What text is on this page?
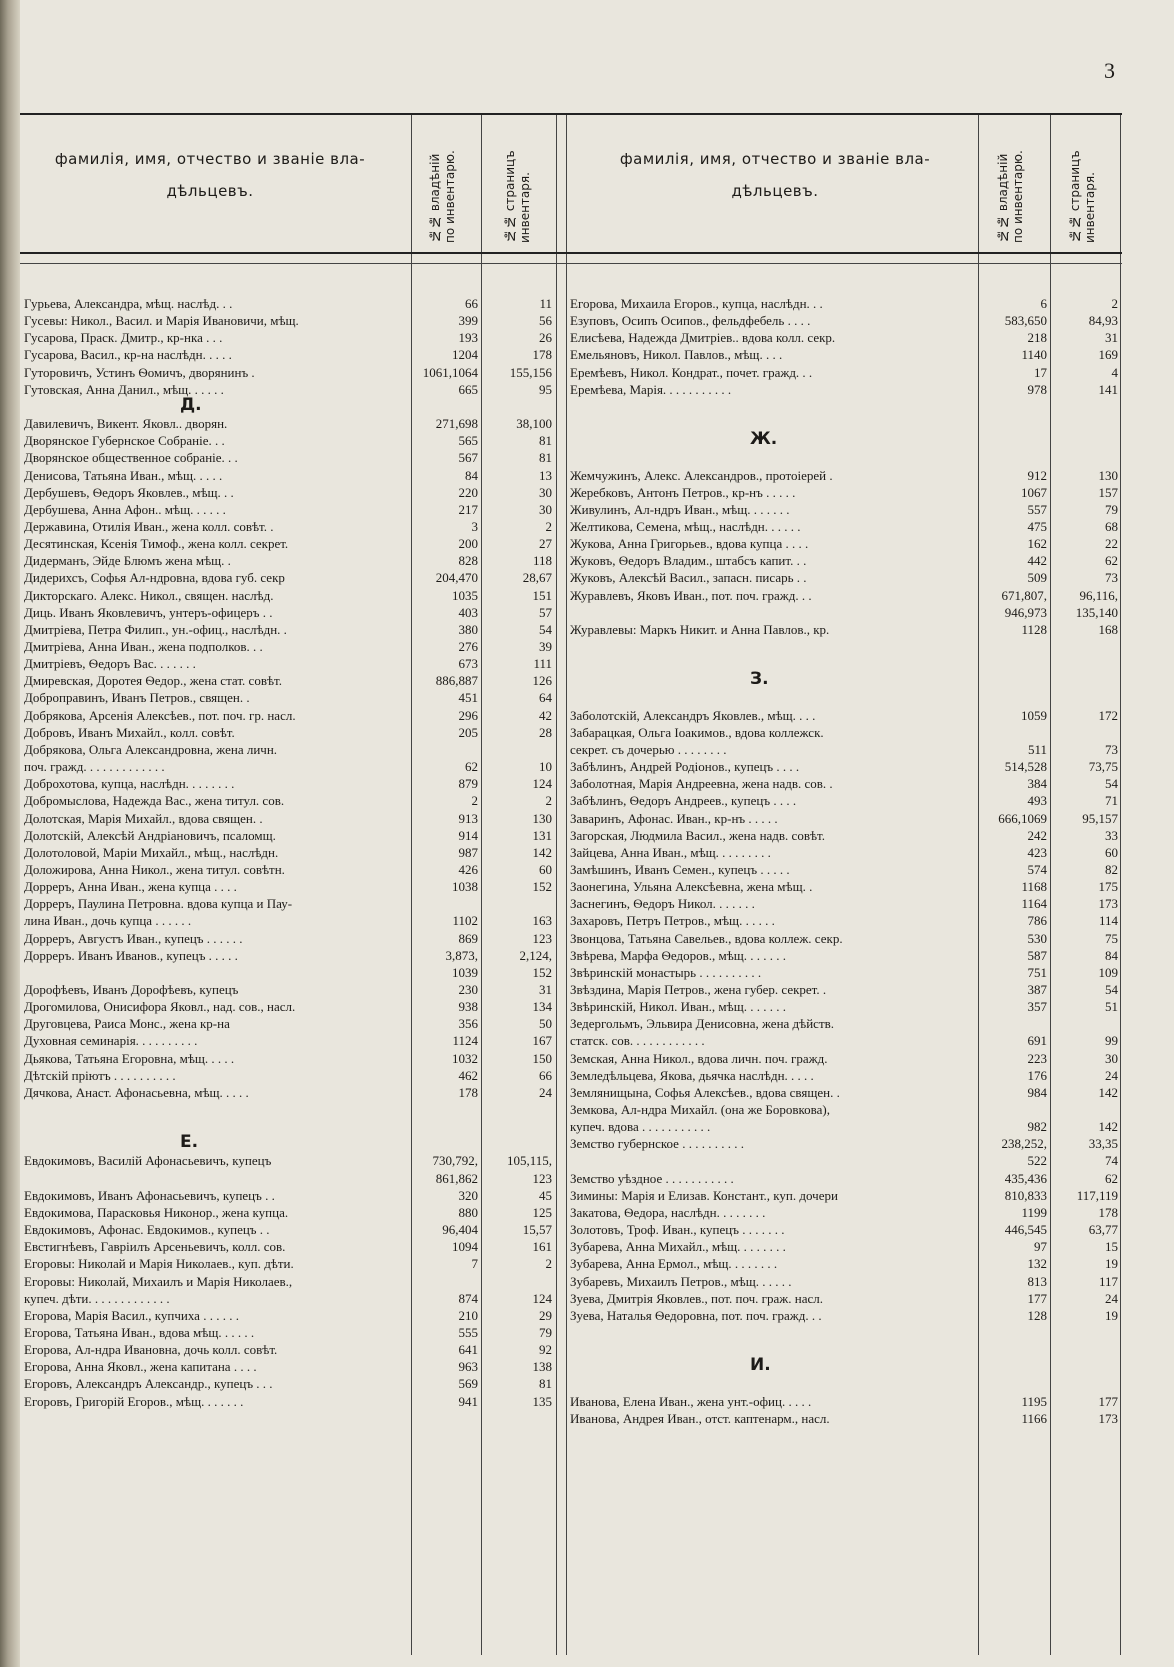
3
фамилія, имя, отчество и званіе вла-
дѣльцевъ.
№№ владѣній
по инвентарю.
№№ страницъ
инвентаря.
фамилія, имя, отчество и званіе вла-
дѣльцевъ.
№№ владѣній
по инвентарю.
№№ страницъ
инвентаря.
Гурьева, Александра, мѣщ. наслѣд. . .	66	11
Гусевы: Никол., Васил. и Марія Ивановичи, мѣщ.	399	56
Гусарова, Праск. Дмитр., кр-нка . . .	193	26
Гусарова, Васил., кр-на наслѣдн. . . . .	1204	178
Гуторовичъ, Устинъ Ѳомичъ, дворянинъ .	1061,1064	155,156
Гутовская, Анна Данил., мѣщ. . . . . .	665	95
Д.
Давилевичъ, Викент. Яковл.. дворян.	271,698	38,100
Дворянское Губернское Собраніе. . .	565	81
Дворянское общественное собраніе. . .	567	81
Денисова, Татьяна Иван., мѣщ. . . . .	84	13
Дербушевъ, Ѳедоръ Яковлев., мѣщ. . .	220	30
Дербушева, Анна Афон.. мѣщ. . . . . .	217	30
Державина, Отилія Иван., жена колл. совѣт. .	3	2
Десятинская, Ксенія Тимоф., жена колл. секрет.	200	27
Дидерманъ, Эйде Блюмъ жена мѣщ. .	828	118
Дидерихсъ, Софья Ал-ндровна, вдова губ. секр	204,470	28,67
Дикторскаго. Алекс. Никол., священ. наслѣд.	1035	151
Диць. Иванъ Яковлевичъ, унтеръ-офицеръ . .	403	57
Дмитріева, Петра Филип., ун.-офиц., наслѣдн. .	380	54
Дмитріева, Анна Иван., жена подполков. . .	276	39
Дмитріевъ, Ѳедоръ Вас. . . . . . .	673	111
Дмиревская, Доротея Ѳедор., жена стат. совѣт.	886,887	126
Доброправинъ, Иванъ Петров., священ. .	451	64
Добрякова, Арсенія Алексѣев., пот. поч. гр. насл.	296	42
Добровъ, Иванъ Михайл., колл. совѣт.	205	28
Добрякова, Ольга Александровна, жена личн.
поч. гражд. . . . . . . . . . . . .	62	10
Доброхотова, купца, наслѣдн. . . . . . . .	879	124
Добромыслова, Надежда Вас., жена титул. сов.	2	2
Долотская, Марія Михайл., вдова священ. .	913	130
Долотскій, Алексѣй Андріановичъ, псаломщ.	914	131
Долотоловой, Маріи Михайл., мѣщ., наслѣдн.	987	142
Доложирова, Анна Никол., жена титул. совѣтн.	426	60
Дорреръ, Анна Иван., жена купца . . . .	1038	152
Дорреръ, Паулина Петровна. вдова купца и Пау-
лина Иван., дочь купца . . . . . .	1102	163
Дорреръ, Августъ Иван., купецъ . . . . . .	869	123
Дорреръ. Иванъ Иванов., купецъ . . . . .	3,873,	2,124,
1039	152
Дорофѣевъ, Иванъ Дорофѣевъ, купецъ	230	31
Дрогомилова, Онисифора Яковл., над. сов., насл.	938	134
Друговцева, Раиса Монс., жена кр-на	356	50
Духовная семинарія. . . . . . . . . .	1124	167
Дьякова, Татьяна Егоровна, мѣщ. . . . .	1032	150
Дѣтскій пріютъ . . . . . . . . . .	462	66
Дячкова, Анаст. Афонасьевна, мѣщ. . . . .	178	24
Е.
Евдокимовъ, Василій Афонасьевичъ, купецъ	730,792,	105,115,
861,862	123
Евдокимовъ, Иванъ Афонасьевичъ, купецъ . .	320	45
Евдокимова, Парасковья Никонор., жена купца.	880	125
Евдокимовъ, Афонас. Евдокимов., купецъ . .	96,404	15,57
Евстигнѣевъ, Гавріилъ Арсеньевичъ, колл. сов.	1094	161
Егоровы: Николай и Марія Николаев., куп. дѣти.	7	2
Егоровы: Николай, Михаилъ и Марія Николаев.,
купеч. дѣти. . . . . . . . . . . . .	874	124
Егорова, Марія Васил., купчиха . . . . . .	210	29
Егорова, Татьяна Иван., вдова мѣщ. . . . . .	555	79
Егорова, Ал-ндра Ивановна, дочь колл. совѣт.	641	92
Егорова, Анна Яковл., жена капитана . . . .	963	138
Егоровъ, Александръ Александр., купецъ . . .	569	81
Егоровъ, Григорій Егоров., мѣщ. . . . . . .	941	135
Егорова, Михаила Егоров., купца, наслѣдн. . .	6	2
Езуповъ, Осипъ Осипов., фельдфебель . . . .	583,650	84,93
Елисѣева, Надежда Дмитріев.. вдова колл. секр.	218	31
Емельяновъ, Никол. Павлов., мѣщ. . . .	1140	169
Еремѣевъ, Никол. Кондрат., почет. гражд. . .	17	4
Еремѣева, Марія. . . . . . . . . . .	978	141
Ж.
Жемчужинъ, Алекс. Александров., протоіерей .	912	130
Жеребковъ, Антонъ Петров., кр-нъ . . . . .	1067	157
Живулинъ, Ал-ндръ Иван., мѣщ. . . . . . .	557	79
Желтикова, Семена, мѣщ., наслѣдн. . . . . .	475	68
Жукова, Анна Григорьев., вдова купца . . . .	162	22
Жуковъ, Ѳедоръ Владим., штабсъ капит. . .	442	62
Жуковъ, Алексѣй Васил., запасн. писарь . .	509	73
Журавлевъ, Яковъ Иван., пот. поч. гражд. . .	671,807,	96,116,
946,973	135,140
Журавлевы: Маркъ Никит. и Анна Павлов., кр.	1128	168
З.
Заболотскій, Александръ Яковлев., мѣщ. . . .	1059	172
Забарацкая, Ольга Іоакимов., вдова коллежск.
секрет. съ дочерью . . . . . . . .	511	73
Забѣлинъ, Андрей Родіонов., купецъ . . . .	514,528	73,75
Заболотная, Марія Андреевна, жена надв. сов. .	384	54
Забѣлинъ, Ѳедоръ Андреев., купецъ . . . .	493	71
Заваринъ, Афонас. Иван., кр-нъ . . . . .	666,1069	95,157
Загорская, Людмила Васил., жена надв. совѣт.	242	33
Зайцева, Анна Иван., мѣщ. . . . . . . . .	423	60
Замѣшинъ, Иванъ Семен., купецъ . . . . .	574	82
Заонегина, Ульяна Алексѣевна, жена мѣщ. .	1168	175
Заснегинъ, Ѳедоръ Никол. . . . . . .	1164	173
Захаровъ, Петръ Петров., мѣщ. . . . . .	786	114
Звонцова, Татьяна Савельев., вдова коллеж. секр.	530	75
Звѣрева, Марфа Ѳедоров., мѣщ. . . . . . .	587	84
Звѣринскій монастырь . . . . . . . . . .	751	109
Звѣздина, Марія Петров., жена губер. секрет. .	387	54
Звѣринскій, Никол. Иван., мѣщ. . . . . . .	357	51
Зедергольмъ, Эльвира Денисовна, жена дѣйств.
статск. сов. . . . . . . . . . . .	691	99
Земская, Анна Никол., вдова личн. поч. гражд.	223	30
Земледѣльцева, Якова, дьячка наслѣдн. . . . .	176	24
Землянищына, Софья Алексѣев., вдова священ. .	984	142
Земкова, Ал-ндра Михайл. (она же Боровкова),
купеч. вдова . . . . . . . . . . .	982	142
Земство губернское . . . . . . . . . .	238,252,	33,35
522	74
Земство уѣздное . . . . . . . . . . .	435,436	62
Зимины: Марія и Елизав. Констант., куп. дочери	810,833	117,119
Закатова, Ѳедора, наслѣдн. . . . . . . .	1199	178
Золотовъ, Троф. Иван., купецъ . . . . . . .	446,545	63,77
Зубарева, Анна Михайл., мѣщ. . . . . . . .	97	15
Зубарева, Анна Ермол., мѣщ. . . . . . . .	132	19
Зубаревъ, Михаилъ Петров., мѣщ. . . . . .	813	117
Зуева, Дмитрія Яковлев., пот. поч. граж. насл.	177	24
Зуева, Наталья Ѳедоровна, пот. поч. гражд. . .	128	19
И.
Иванова, Елена Иван., жена унт.-офиц. . . . .	1195	177
Иванова, Андрея Иван., отст. каптенарм., насл.	1166	173
